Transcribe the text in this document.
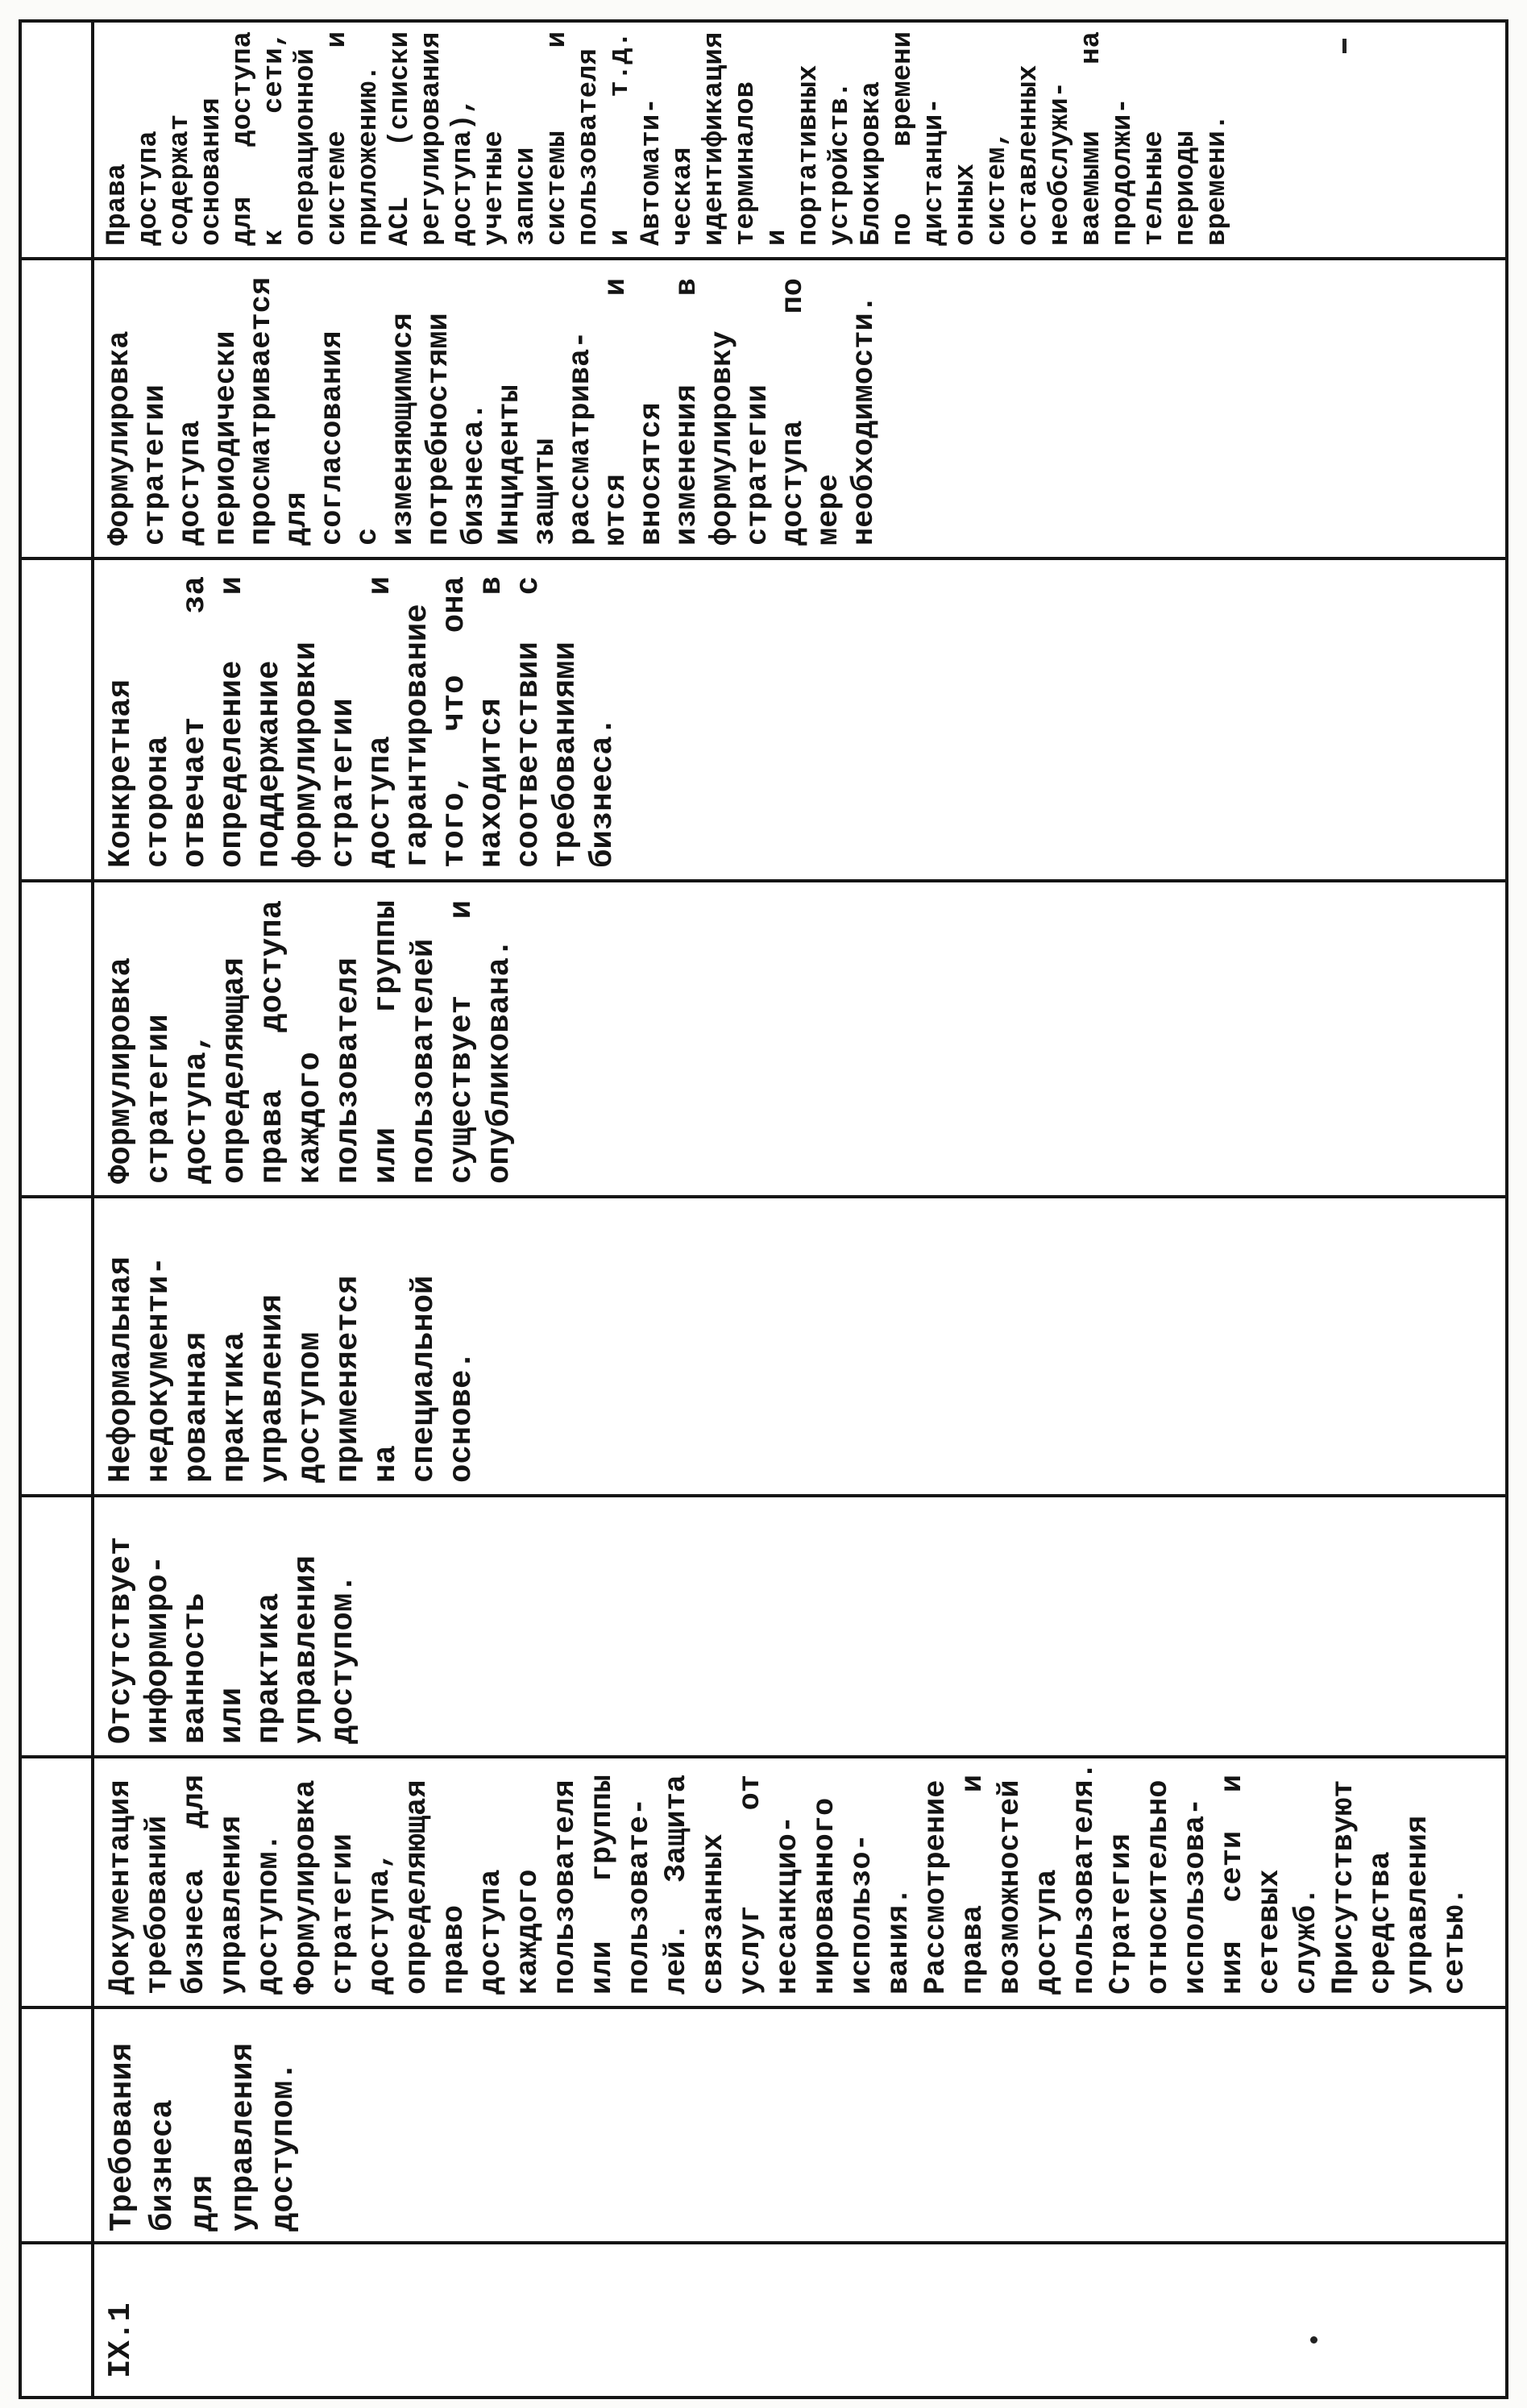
IX.1
Требования бизнеса для управления доступом.
Документация требований бизнеса для управления доступом. Формулировка стратегии доступа, определяющая право доступа каждого пользователя или группы пользовате- лей. Защита связанных услуг от несанкцио- нированного использо- вания. Рассмотрение права и возможностей доступа пользователя. Стратегия относительно использова- ния сети и сетевых служб. Присутствуют средства управления сетью.
Отсутствует информиро- ванность или практика управления доступом.
Неформальная недокументи- рованная практика управления доступом применяется на специальной основе.
Формулировка стратегии доступа, определяющая права доступа каждого пользователя или группы пользователей существует и опубликована.
Конкретная сторона отвечает за определение и поддержание формулировки стратегии доступа и гарантирование того, что она находится в соответствии с требованиями бизнеса.
Формулировка стратегии доступа периодически просматривается для согласования с изменяющимися потребностями бизнеса. Инциденты защиты рассматрива- ются и вносятся изменения в формулировку стратегии доступа по мере необходимости.
Права доступа содержат основания для доступа к сети, операционной системе и приложению. ACL (списки регулирования доступа), учетные записи системы и пользователя и т.д. Автомати- ческая идентификация терминалов и портативных устройств. Блокировка по времени дистанци- онных систем, оставленных необслужи- ваемыми на продолжи- тельные периоды времени.
